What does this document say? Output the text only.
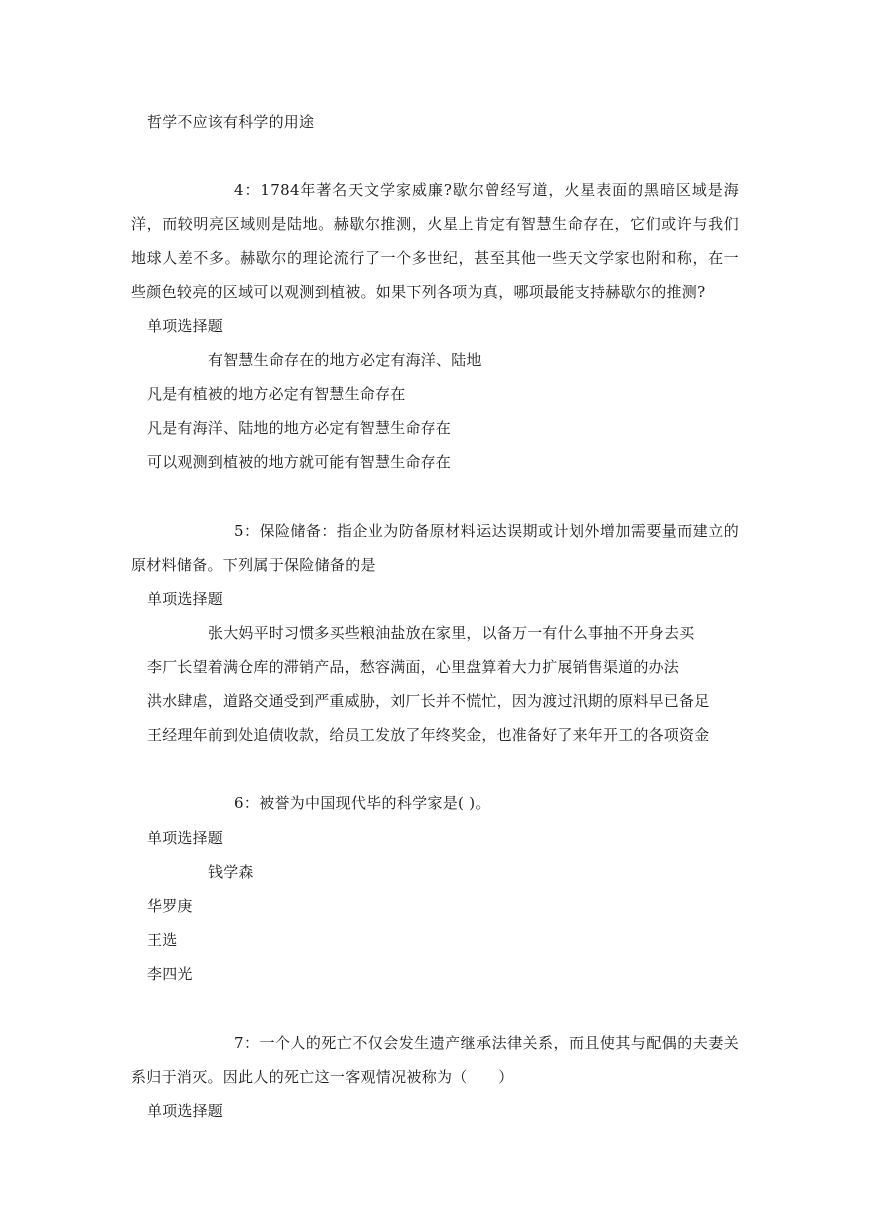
哲学不应该有科学的用途
4：1784年著名天文学家威廉?歇尔曾经写道，火星表面的黑暗区域是海洋，而较明亮区域则是陆地。赫歇尔推测，火星上肯定有智慧生命存在，它们或许与我们地球人差不多。赫歇尔的理论流行了一个多世纪，甚至其他一些天文学家也附和称，在一些颜色较亮的区域可以观测到植被。如果下列各项为真，哪项最能支持赫歇尔的推测?
单项选择题
有智慧生命存在的地方必定有海洋、陆地
凡是有植被的地方必定有智慧生命存在
凡是有海洋、陆地的地方必定有智慧生命存在
可以观测到植被的地方就可能有智慧生命存在
5：保险储备：指企业为防备原材料运达误期或计划外增加需要量而建立的原材料储备。下列属于保险储备的是
单项选择题
张大妈平时习惯多买些粮油盐放在家里，以备万一有什么事抽不开身去买
李厂长望着满仓库的滞销产品，愁容满面，心里盘算着大力扩展销售渠道的办法
洪水肆虐，道路交通受到严重威胁，刘厂长并不慌忙，因为渡过汛期的原料早已备足
王经理年前到处追债收款，给员工发放了年终奖金，也准备好了来年开工的各项资金
6：被誉为中国现代毕的科学家是( )。
单项选择题
钱学森
华罗庚
王选
李四光
7：一个人的死亡不仅会发生遗产继承法律关系，而且使其与配偶的夫妻关系归于消灭。因此人的死亡这一客观情况被称为（　　）
单项选择题
